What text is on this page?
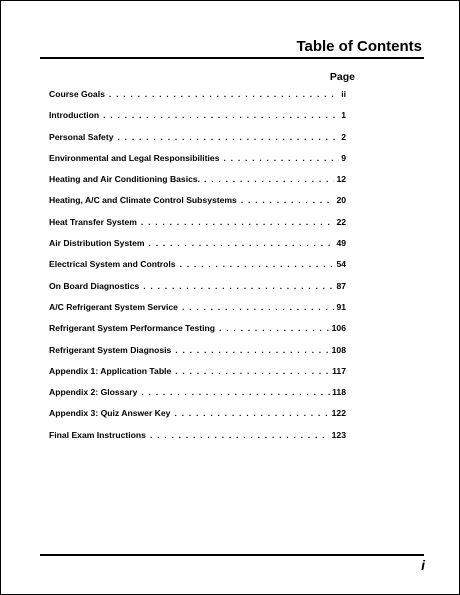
Table of Contents
Page
Course Goals . . .	ii
Introduction . . .	1
Personal Safety . . .	2
Environmental and Legal Responsibilities . . .	9
Heating and Air Conditioning Basics. . . .	12
Heating, A/C and Climate Control Subsystems . . .	20
Heat Transfer System . . .	22
Air Distribution System . . .	49
Electrical System and Controls . . .	54
On Board Diagnostics . . .	87
A/C Refrigerant System Service . . .	91
Refrigerant System Performance Testing . . .	106
Refrigerant System Diagnosis . . .	108
Appendix 1: Application Table . . .	117
Appendix 2: Glossary . . .	118
Appendix 3: Quiz Answer Key . . .	122
Final Exam Instructions . . .	123
i
